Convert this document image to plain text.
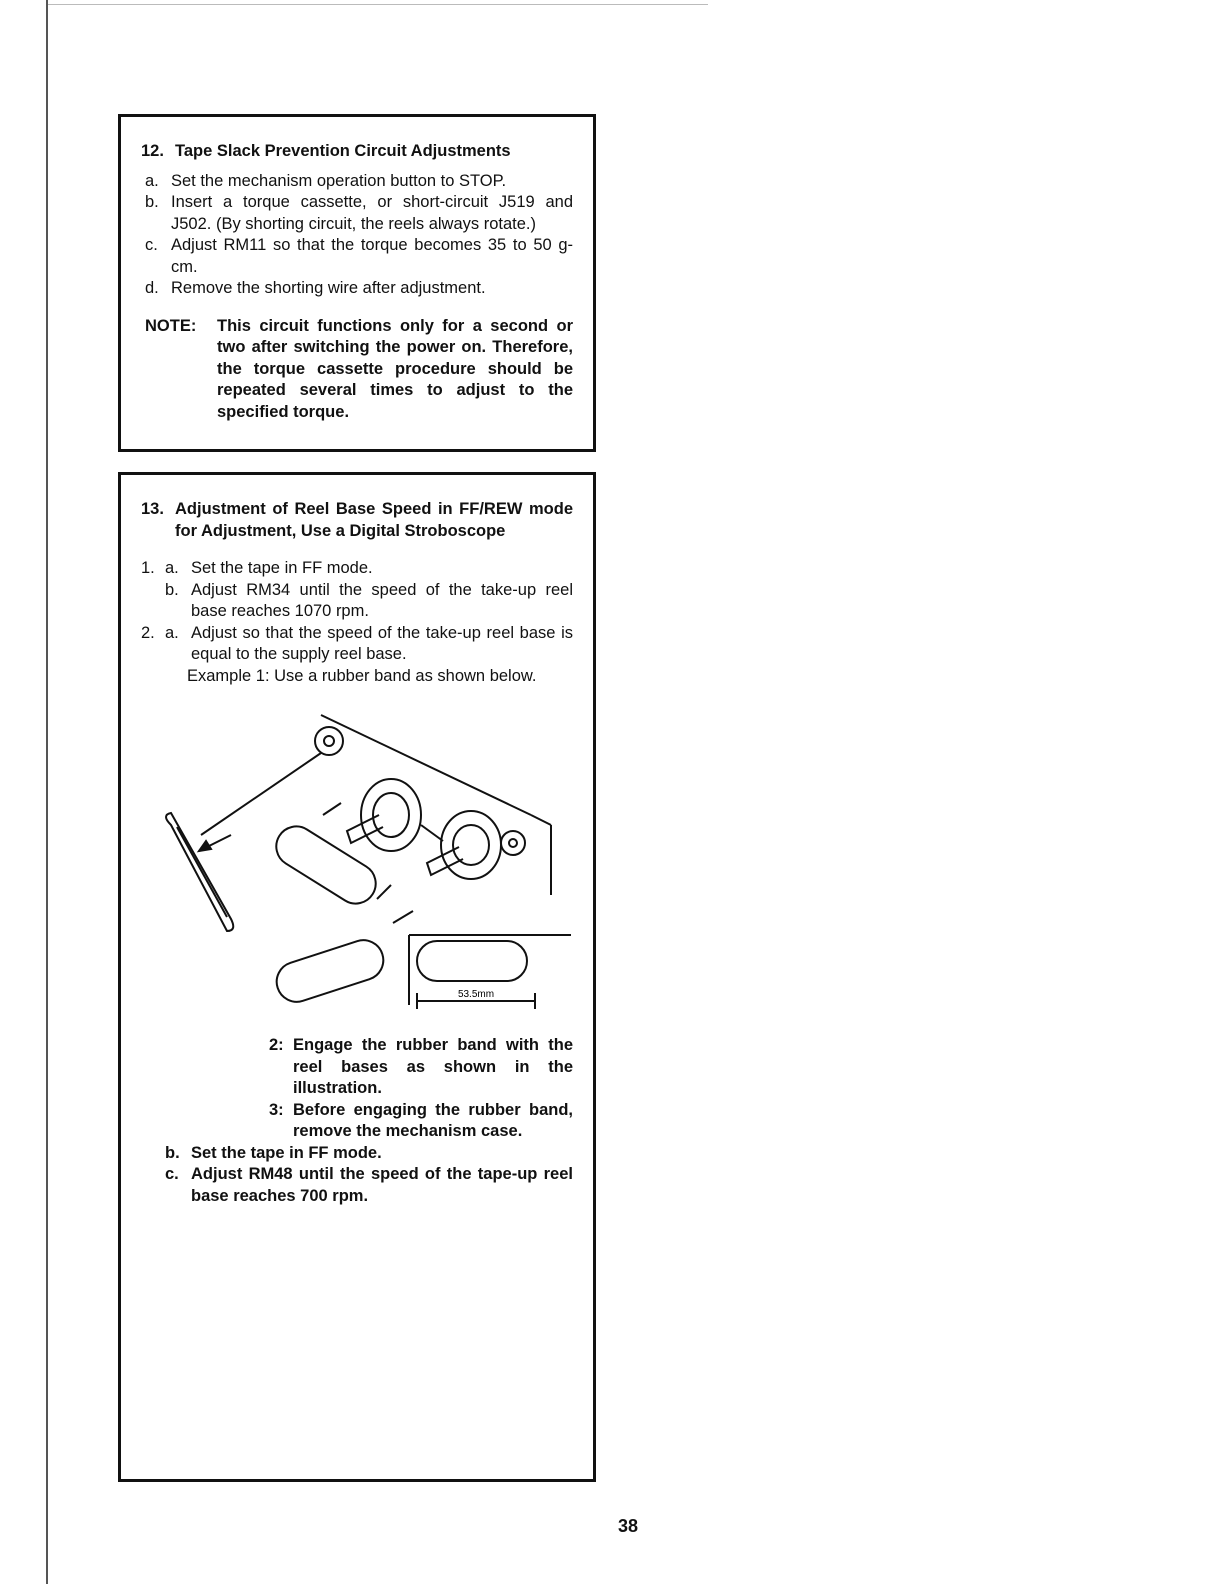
12. Tape Slack Prevention Circuit Adjustments

a. Set the mechanism operation button to STOP.
b. Insert a torque cassette, or short-circuit J519 and J502. (By shorting circuit, the reels always rotate.)
c. Adjust RM11 so that the torque becomes 35 to 50 g-cm.
d. Remove the shorting wire after adjustment.
NOTE:	This circuit functions only for a second or two after switching the power on. Therefore, the torque cassette procedure should be repeated several times to adjust to the specified torque.
13. Adjustment of Reel Base Speed in FF/REW mode for Adjustment, Use a Digital Stroboscope
1. a. Set the tape in FF mode.
b. Adjust RM34 until the speed of the take-up reel base reaches 1070 rpm.
2. a. Adjust so that the speed of the take-up reel base is equal to the supply reel base.
Example 1: Use a rubber band as shown below.
53.5mm
2: Engage the rubber band with the reel bases as shown in the illustration.
3: Before engaging the rubber band, remove the mechanism case.
b. Set the tape in FF mode.
c. Adjust RM48 until the speed of the tape-up reel base reaches 700 rpm.
38
